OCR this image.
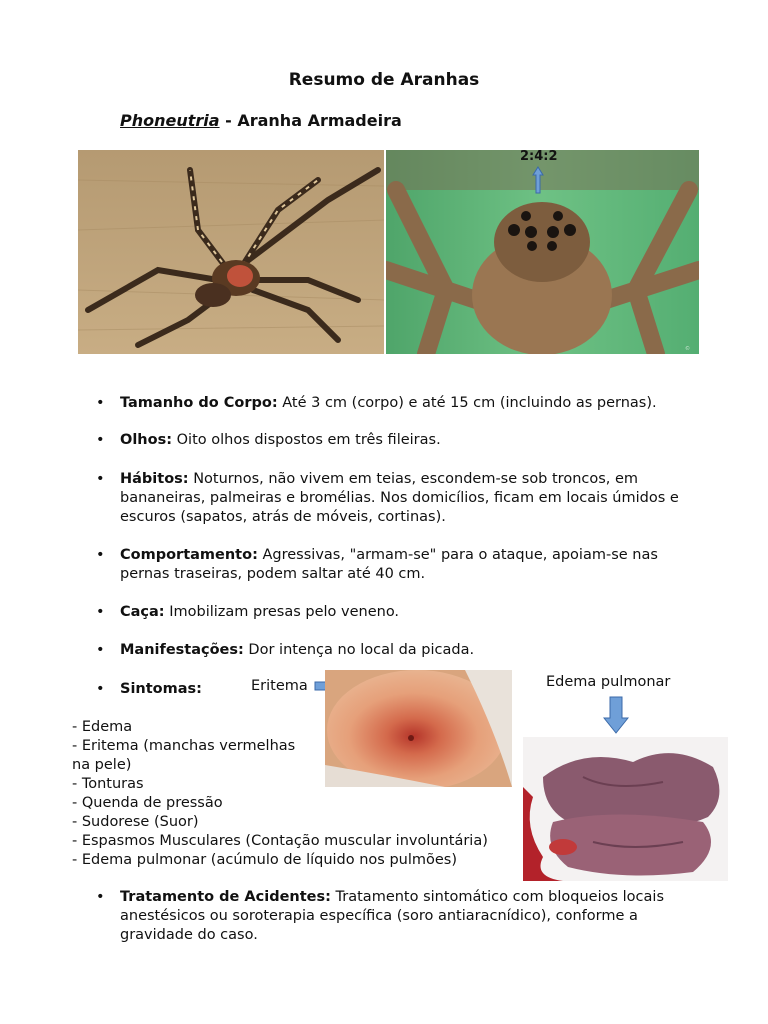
Resumo de Aranhas
Phoneutria - Aranha Armadeira
©
2:4:2
•	Tamanho do Corpo: Até 3 cm (corpo) e até 15 cm (incluindo as pernas).
•	Olhos: Oito olhos dispostos em três fileiras.
•	Hábitos: Noturnos, não vivem em teias, escondem-se sob troncos, em bananeiras, palmeiras e bromélias. Nos domicílios, ficam em locais úmidos e escuros (sapatos, atrás de móveis, cortinas).
•	Comportamento: Agressivas, "armam-se" para o ataque, apoiam-se nas pernas traseiras, podem saltar até 40 cm.
•	Caça: Imobilizam presas pelo veneno.
•	Manifestações: Dor intença no local da picada.
•	Sintomas:	Eritema	Edema pulmonar
- Edema
- Eritema (manchas vermelhas
na pele)
- Tonturas
- Quenda de pressão
- Sudorese (Suor)
- Espasmos Musculares (Contação muscular involuntária)
- Edema pulmonar (acúmulo de líquido nos pulmões)
•	Tratamento de Acidentes: Tratamento sintomático com bloqueios locais anestésicos ou soroterapia específica (soro antiaracnídico), conforme a gravidade do caso.
